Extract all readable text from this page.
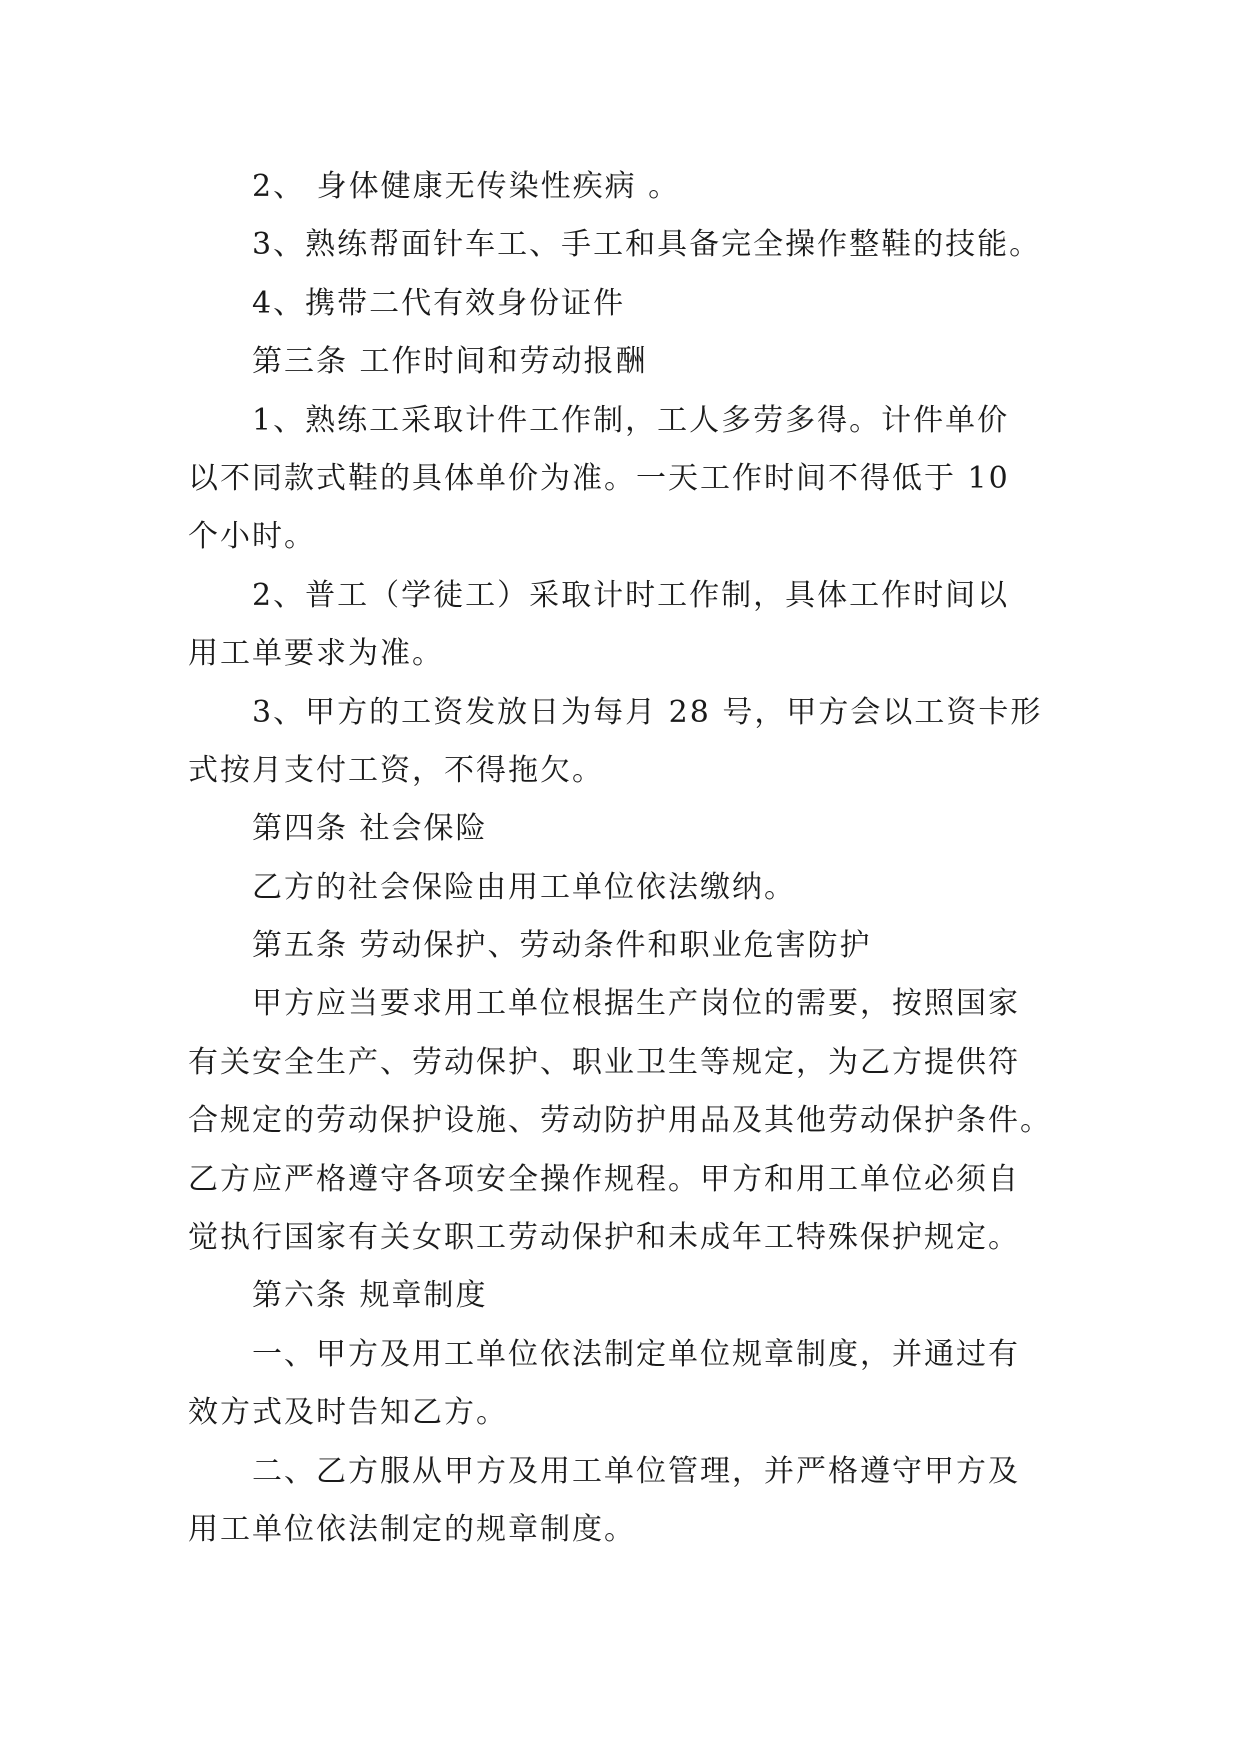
2、 身体健康无传染性疾病 。
3、熟练帮面针车工、手工和具备完全操作整鞋的技能。
4、携带二代有效身份证件
第三条 工作时间和劳动报酬
1、熟练工采取计件工作制，工人多劳多得。计件单价
以不同款式鞋的具体单价为准。一天工作时间不得低于 10
个小时。
2、普工（学徒工）采取计时工作制，具体工作时间以
用工单要求为准。
3、甲方的工资发放日为每月 28 号，甲方会以工资卡形
式按月支付工资，不得拖欠。
第四条 社会保险
乙方的社会保险由用工单位依法缴纳。
第五条 劳动保护、劳动条件和职业危害防护
甲方应当要求用工单位根据生产岗位的需要，按照国家
有关安全生产、劳动保护、职业卫生等规定，为乙方提供符
合规定的劳动保护设施、劳动防护用品及其他劳动保护条件。
乙方应严格遵守各项安全操作规程。甲方和用工单位必须自
觉执行国家有关女职工劳动保护和未成年工特殊保护规定。
第六条 规章制度
一、甲方及用工单位依法制定单位规章制度，并通过有
效方式及时告知乙方。
二、乙方服从甲方及用工单位管理，并严格遵守甲方及
用工单位依法制定的规章制度。
